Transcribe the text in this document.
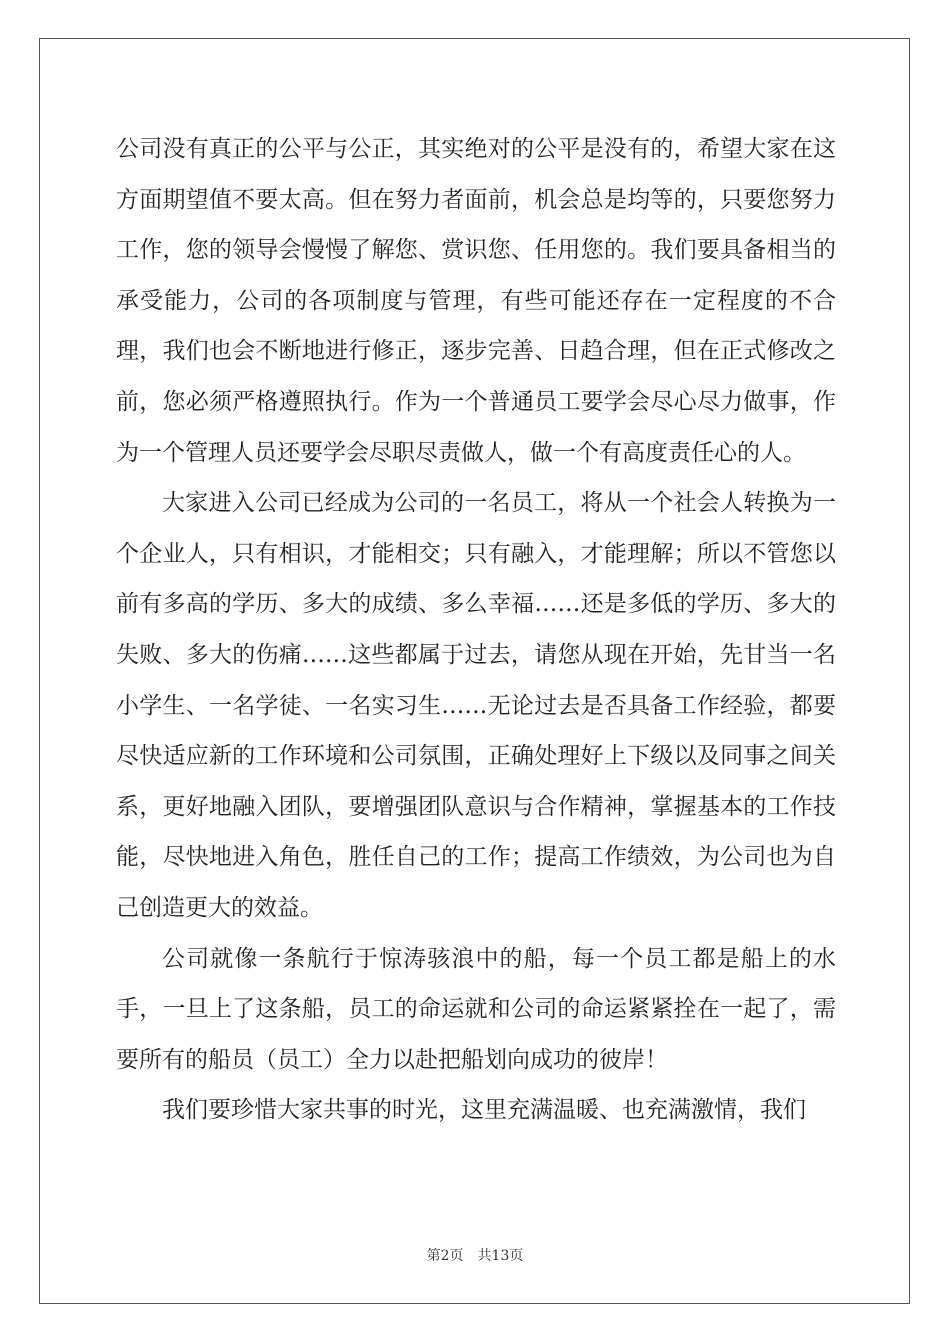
公司没有真正的公平与公正，其实绝对的公平是没有的，希望大家在这方面期望值不要太高。但在努力者面前，机会总是均等的，只要您努力工作，您的领导会慢慢了解您、赏识您、任用您的。我们要具备相当的承受能力，公司的各项制度与管理，有些可能还存在一定程度的不合理，我们也会不断地进行修正，逐步完善、日趋合理，但在正式修改之前，您必须严格遵照执行。作为一个普通员工要学会尽心尽力做事，作为一个管理人员还要学会尽职尽责做人，做一个有高度责任心的人。

大家进入公司已经成为公司的一名员工，将从一个社会人转换为一个企业人，只有相识，才能相交；只有融入，才能理解；所以不管您以前有多高的学历、多大的成绩、多么幸福……还是多低的学历、多大的失败、多大的伤痛……这些都属于过去，请您从现在开始，先甘当一名小学生、一名学徒、一名实习生……无论过去是否具备工作经验，都要尽快适应新的工作环境和公司氛围，正确处理好上下级以及同事之间关系，更好地融入团队，要增强团队意识与合作精神，掌握基本的工作技能，尽快地进入角色，胜任自己的工作；提高工作绩效，为公司也为自己创造更大的效益。

公司就像一条航行于惊涛骇浪中的船，每一个员工都是船上的水手，一旦上了这条船，员工的命运就和公司的命运紧紧拴在一起了，需要所有的船员（员工）全力以赴把船划向成功的彼岸！

我们要珍惜大家共事的时光，这里充满温暖、也充满激情，我们

第2页 共13页
